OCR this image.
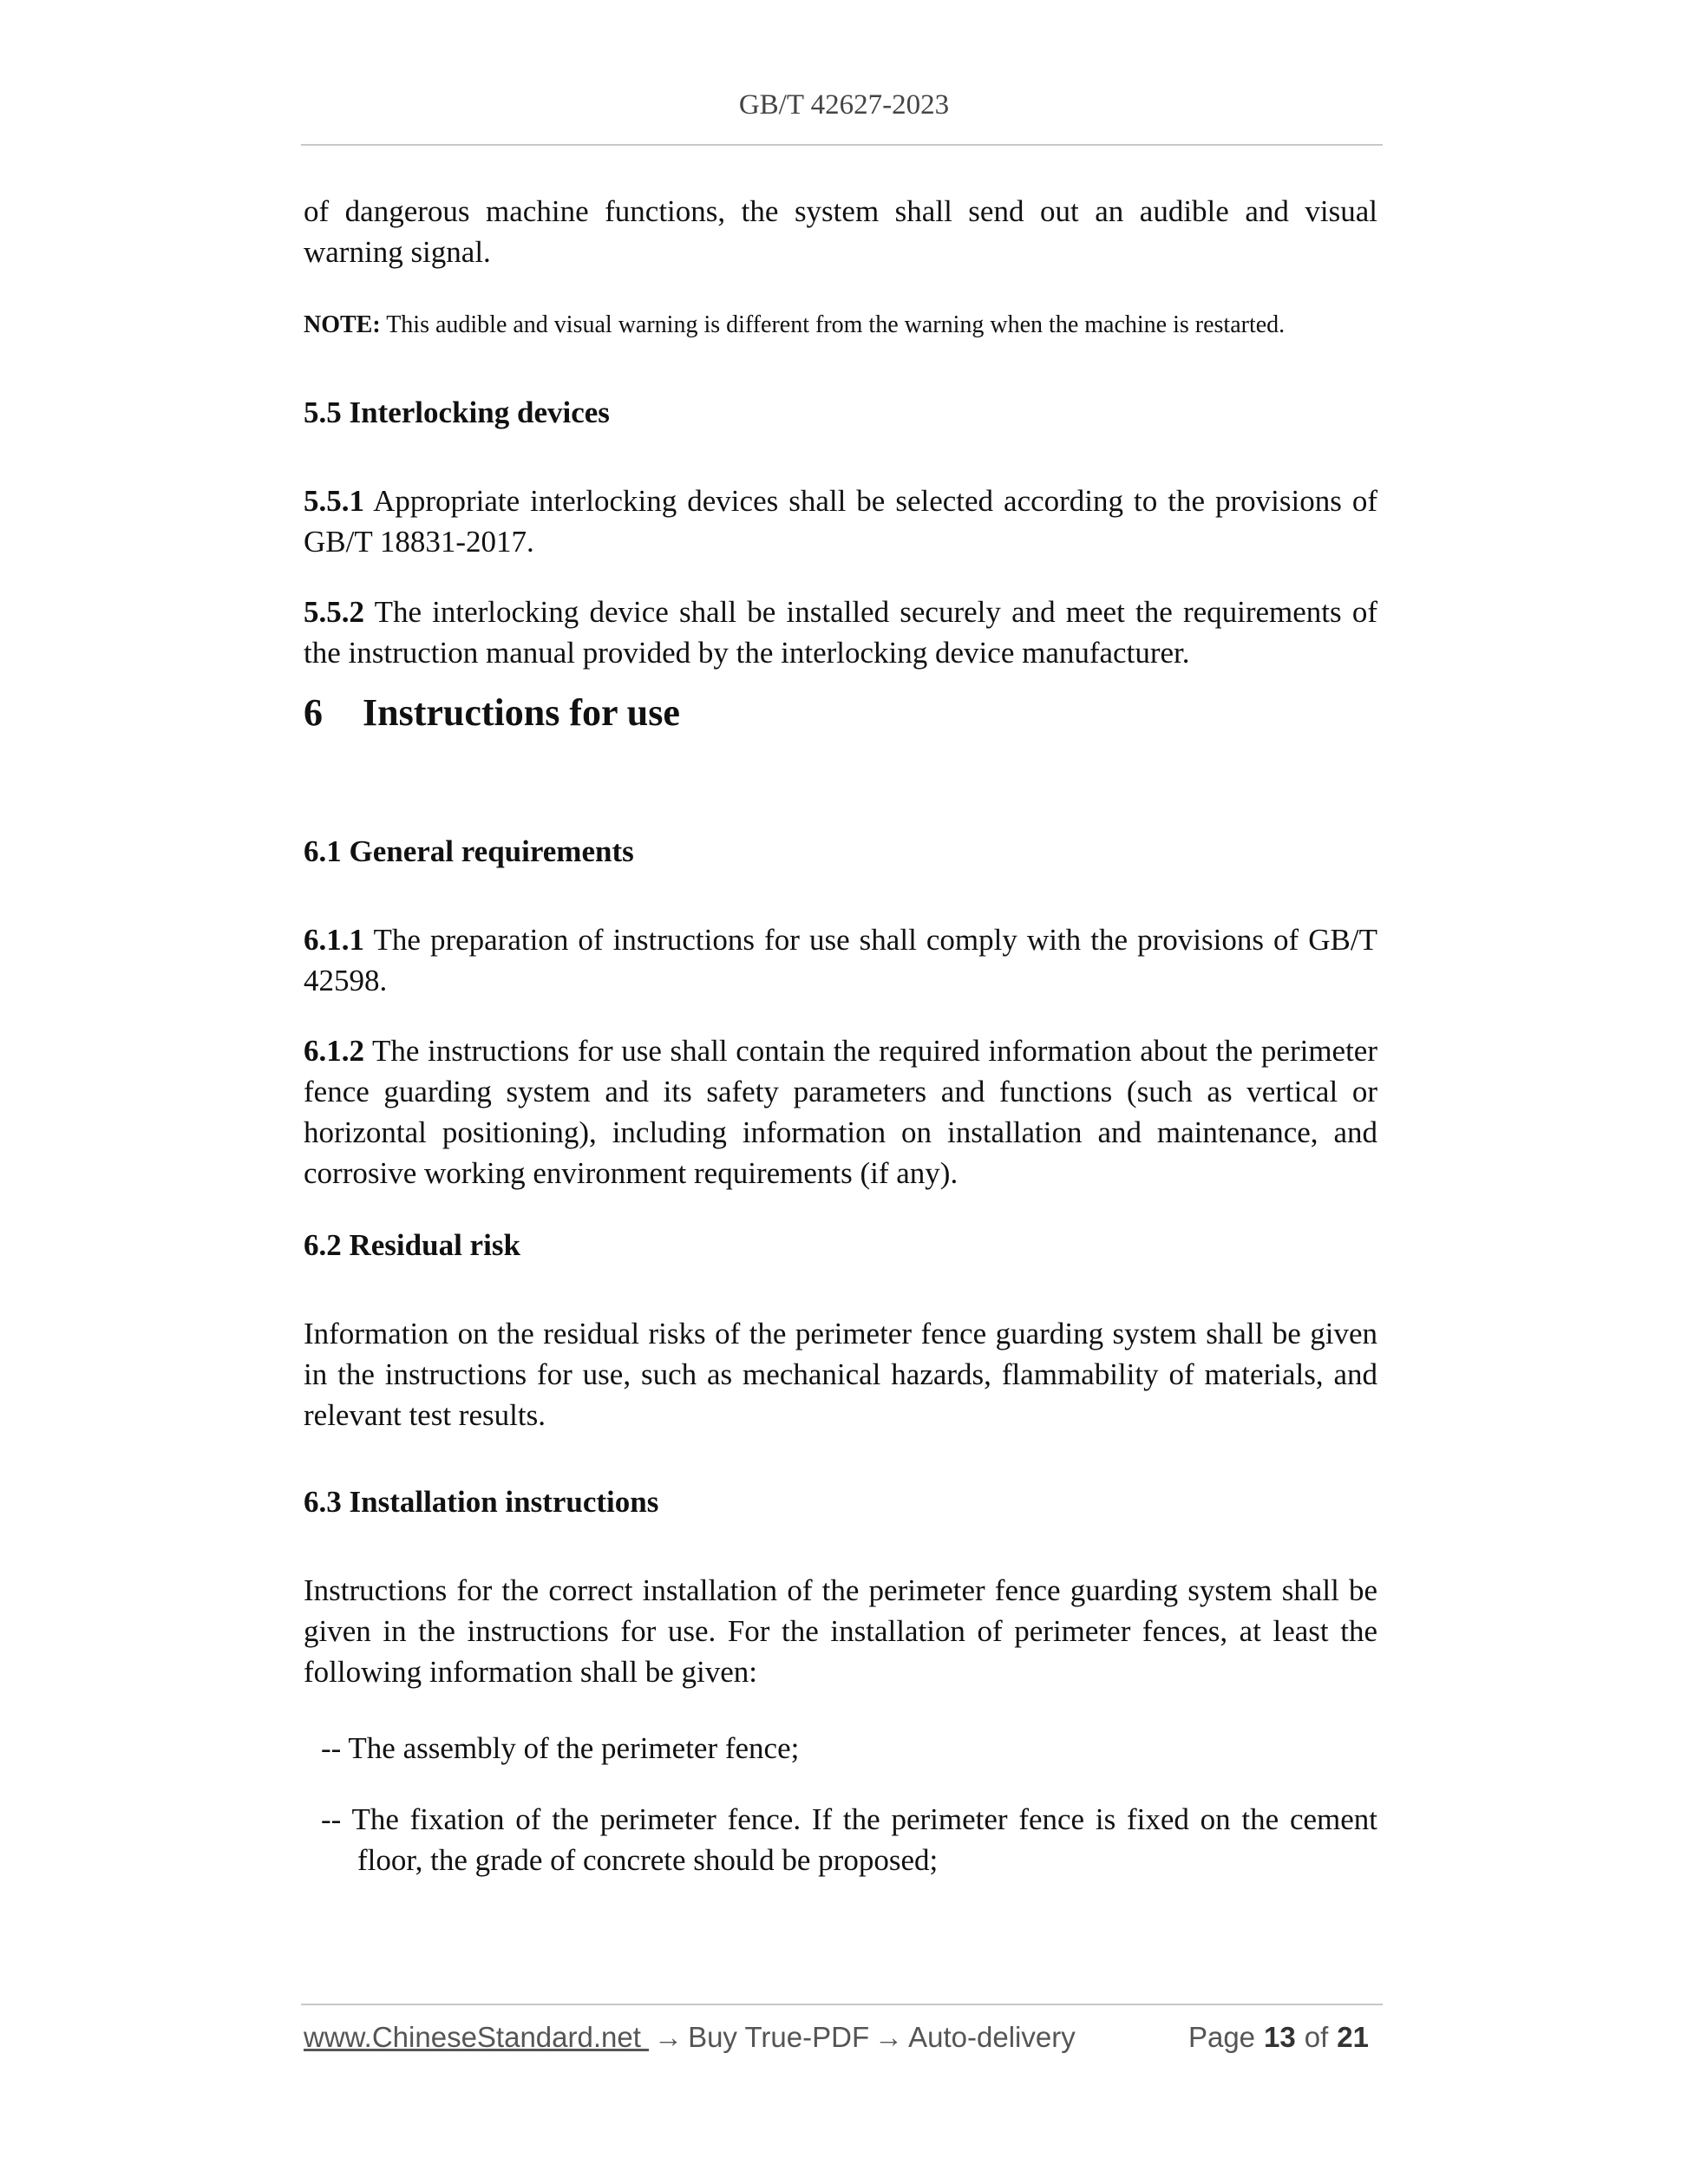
GB/T 42627-2023

of dangerous machine functions, the system shall send out an audible and visual warning signal.

NOTE: This audible and visual warning is different from the warning when the machine is restarted.

5.5 Interlocking devices

5.5.1 Appropriate interlocking devices shall be selected according to the provisions of GB/T 18831-2017.

5.5.2 The interlocking device shall be installed securely and meet the requirements of the instruction manual provided by the interlocking device manufacturer.

6 Instructions for use

6.1 General requirements

6.1.1 The preparation of instructions for use shall comply with the provisions of GB/T 42598.

6.1.2 The instructions for use shall contain the required information about the perimeter fence guarding system and its safety parameters and functions (such as vertical or horizontal positioning), including information on installation and maintenance, and corrosive working environment requirements (if any).

6.2 Residual risk

Information on the residual risks of the perimeter fence guarding system shall be given in the instructions for use, such as mechanical hazards, flammability of materials, and relevant test results.

6.3 Installation instructions

Instructions for the correct installation of the perimeter fence guarding system shall be given in the instructions for use. For the installation of perimeter fences, at least the following information shall be given:

-- The assembly of the perimeter fence;

-- The fixation of the perimeter fence. If the perimeter fence is fixed on the cement floor, the grade of concrete should be proposed;

www.ChineseStandard.net → Buy True-PDF → Auto-delivery	Page 13 of 21
